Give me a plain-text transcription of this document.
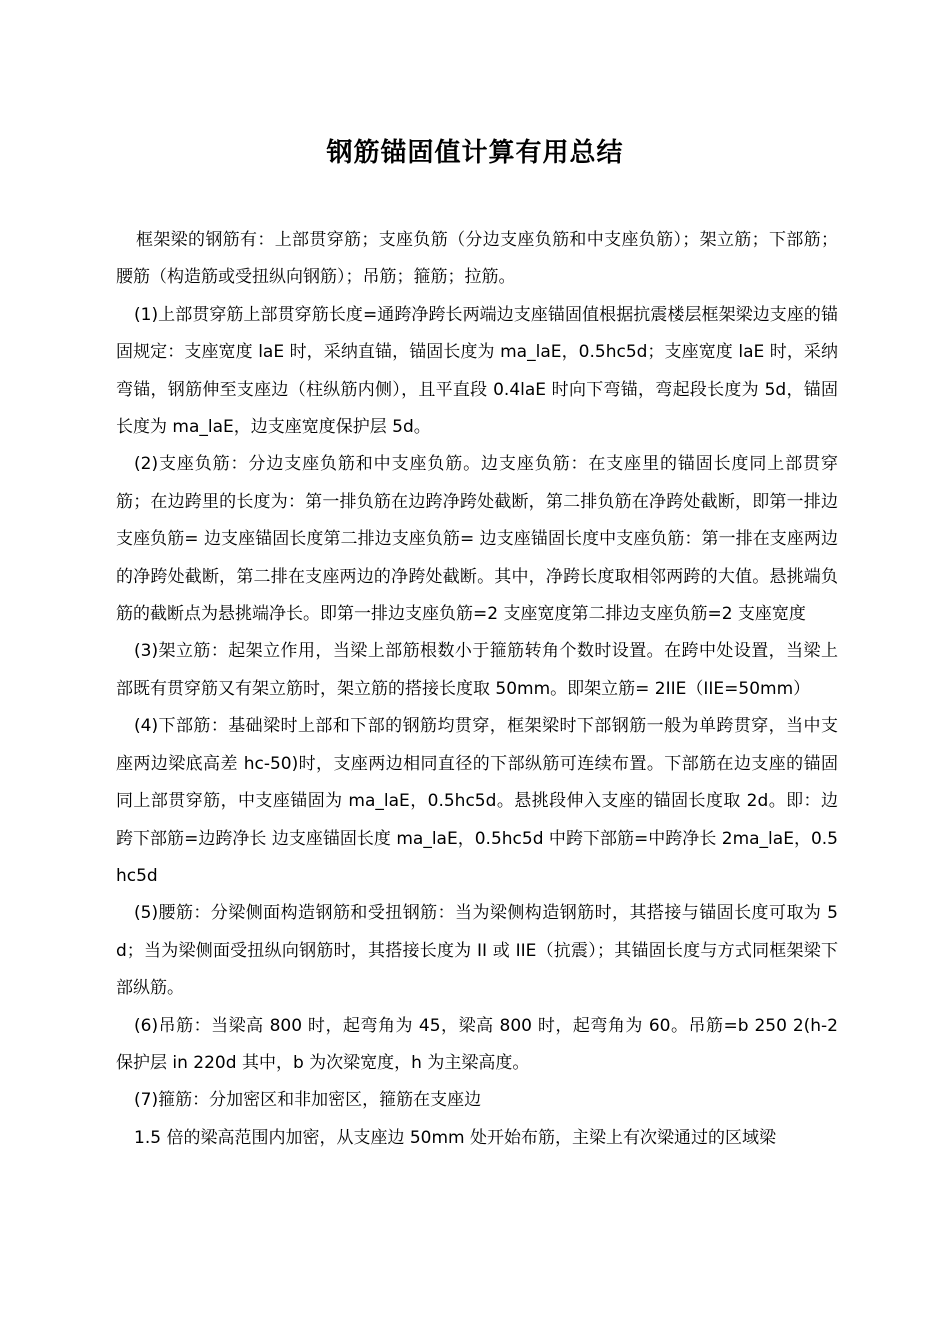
钢筋锚固值计算有用总结

框架梁的钢筋有：上部贯穿筋；支座负筋（分边支座负筋和中支座负筋）；架立筋；下部筋；腰筋（构造筋或受扭纵向钢筋）；吊筋；箍筋；拉筋。

(1)上部贯穿筋上部贯穿筋长度=通跨净跨长两端边支座锚固值根据抗震楼层框架梁边支座的锚固规定：支座宽度 laE 时，采纳直锚，锚固长度为 ma_laE，0.5hc5d；支座宽度 laE 时，采纳弯锚，钢筋伸至支座边（柱纵筋内侧），且平直段 0.4laE 时向下弯锚，弯起段长度为 5d，锚固长度为 ma_laE，边支座宽度保护层 5d。

(2)支座负筋：分边支座负筋和中支座负筋。边支座负筋：在支座里的锚固长度同上部贯穿筋；在边跨里的长度为：第一排负筋在边跨净跨处截断，第二排负筋在净跨处截断，即第一排边支座负筋= 边支座锚固长度第二排边支座负筋= 边支座锚固长度中支座负筋：第一排在支座两边的净跨处截断，第二排在支座两边的净跨处截断。其中，净跨长度取相邻两跨的大值。悬挑端负筋的截断点为悬挑端净长。即第一排边支座负筋=2 支座宽度第二排边支座负筋=2 支座宽度

(3)架立筋：起架立作用，当梁上部筋根数小于箍筋转角个数时设置。在跨中处设置，当梁上部既有贯穿筋又有架立筋时，架立筋的搭接长度取 50mm。即架立筋= 2IIE（IIE=50mm）

(4)下部筋：基础梁时上部和下部的钢筋均贯穿，框架梁时下部钢筋一般为单跨贯穿，当中支座两边梁底高差 hc-50)时，支座两边相同直径的下部纵筋可连续布置。下部筋在边支座的锚固同上部贯穿筋，中支座锚固为 ma_laE，0.5hc5d。悬挑段伸入支座的锚固长度取 2d。即：边跨下部筋=边跨净长 边支座锚固长度 ma_laE，0.5hc5d 中跨下部筋=中跨净长 2ma_laE，0.5hc5d

(5)腰筋：分梁侧面构造钢筋和受扭钢筋：当为梁侧构造钢筋时，其搭接与锚固长度可取为 5d；当为梁侧面受扭纵向钢筋时，其搭接长度为 II 或 IIE（抗震）；其锚固长度与方式同框架梁下部纵筋。

(6)吊筋：当梁高 800 时，起弯角为 45，梁高 800 时，起弯角为 60。吊筋=b 250 2(h-2 保护层 in 220d 其中，b 为次梁宽度，h 为主梁高度。

(7)箍筋：分加密区和非加密区，箍筋在支座边

1.5 倍的梁高范围内加密，从支座边 50mm 处开始布筋，主梁上有次梁通过的区域梁
